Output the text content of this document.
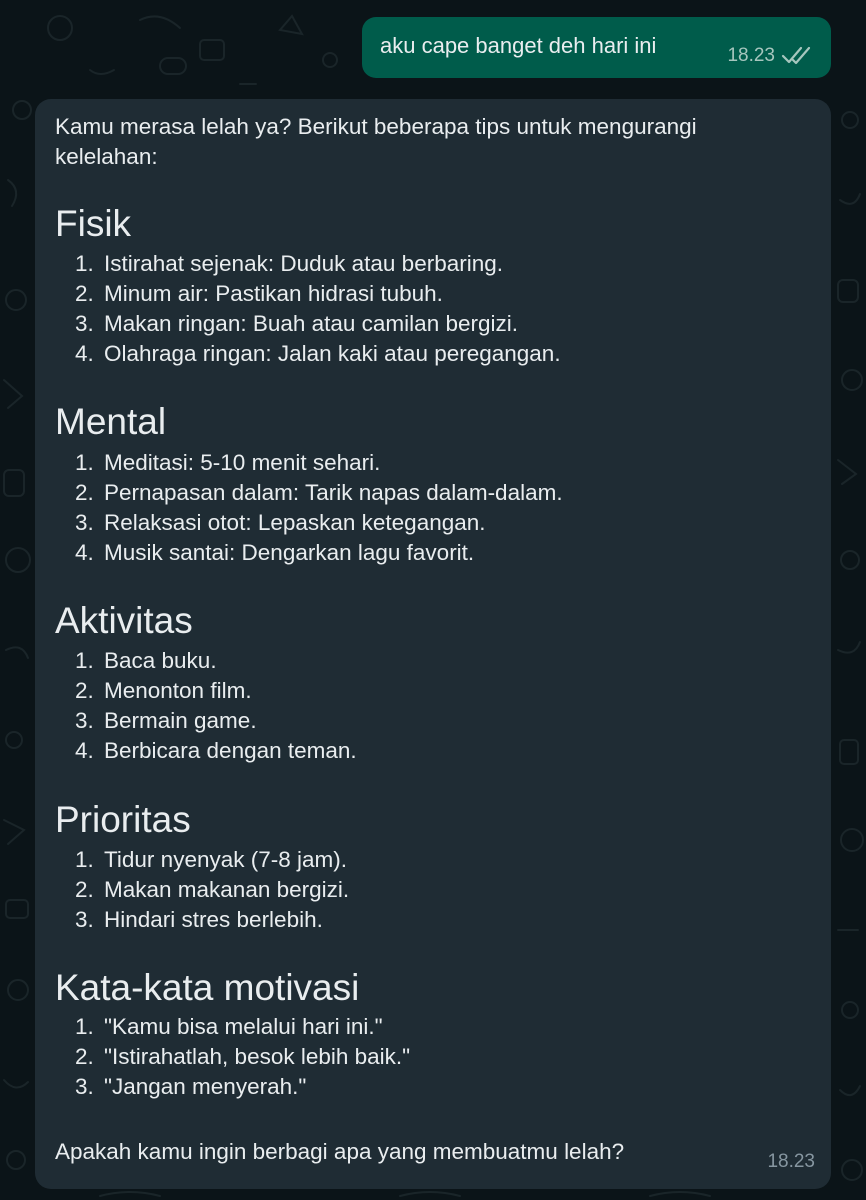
aku cape banget deh hari ini	18.23

Kamu merasa lelah ya? Berikut beberapa tips untuk mengurangi kelelahan:

Fisik
1. Istirahat sejenak: Duduk atau berbaring.
2. Minum air: Pastikan hidrasi tubuh.
3. Makan ringan: Buah atau camilan bergizi.
4. Olahraga ringan: Jalan kaki atau peregangan.
Mental
1. Meditasi: 5-10 menit sehari.
2. Pernapasan dalam: Tarik napas dalam-dalam.
3. Relaksasi otot: Lepaskan ketegangan.
4. Musik santai: Dengarkan lagu favorit.
Aktivitas
1. Baca buku.
2. Menonton film.
3. Bermain game.
4. Berbicara dengan teman.
Prioritas
1. Tidur nyenyak (7-8 jam).
2. Makan makanan bergizi.
3. Hindari stres berlebih.
Kata-kata motivasi
1. "Kamu bisa melalui hari ini."
2. "Istirahatlah, besok lebih baik."
3. "Jangan menyerah."
Apakah kamu ingin berbagi apa yang membuatmu lelah?	18.23
